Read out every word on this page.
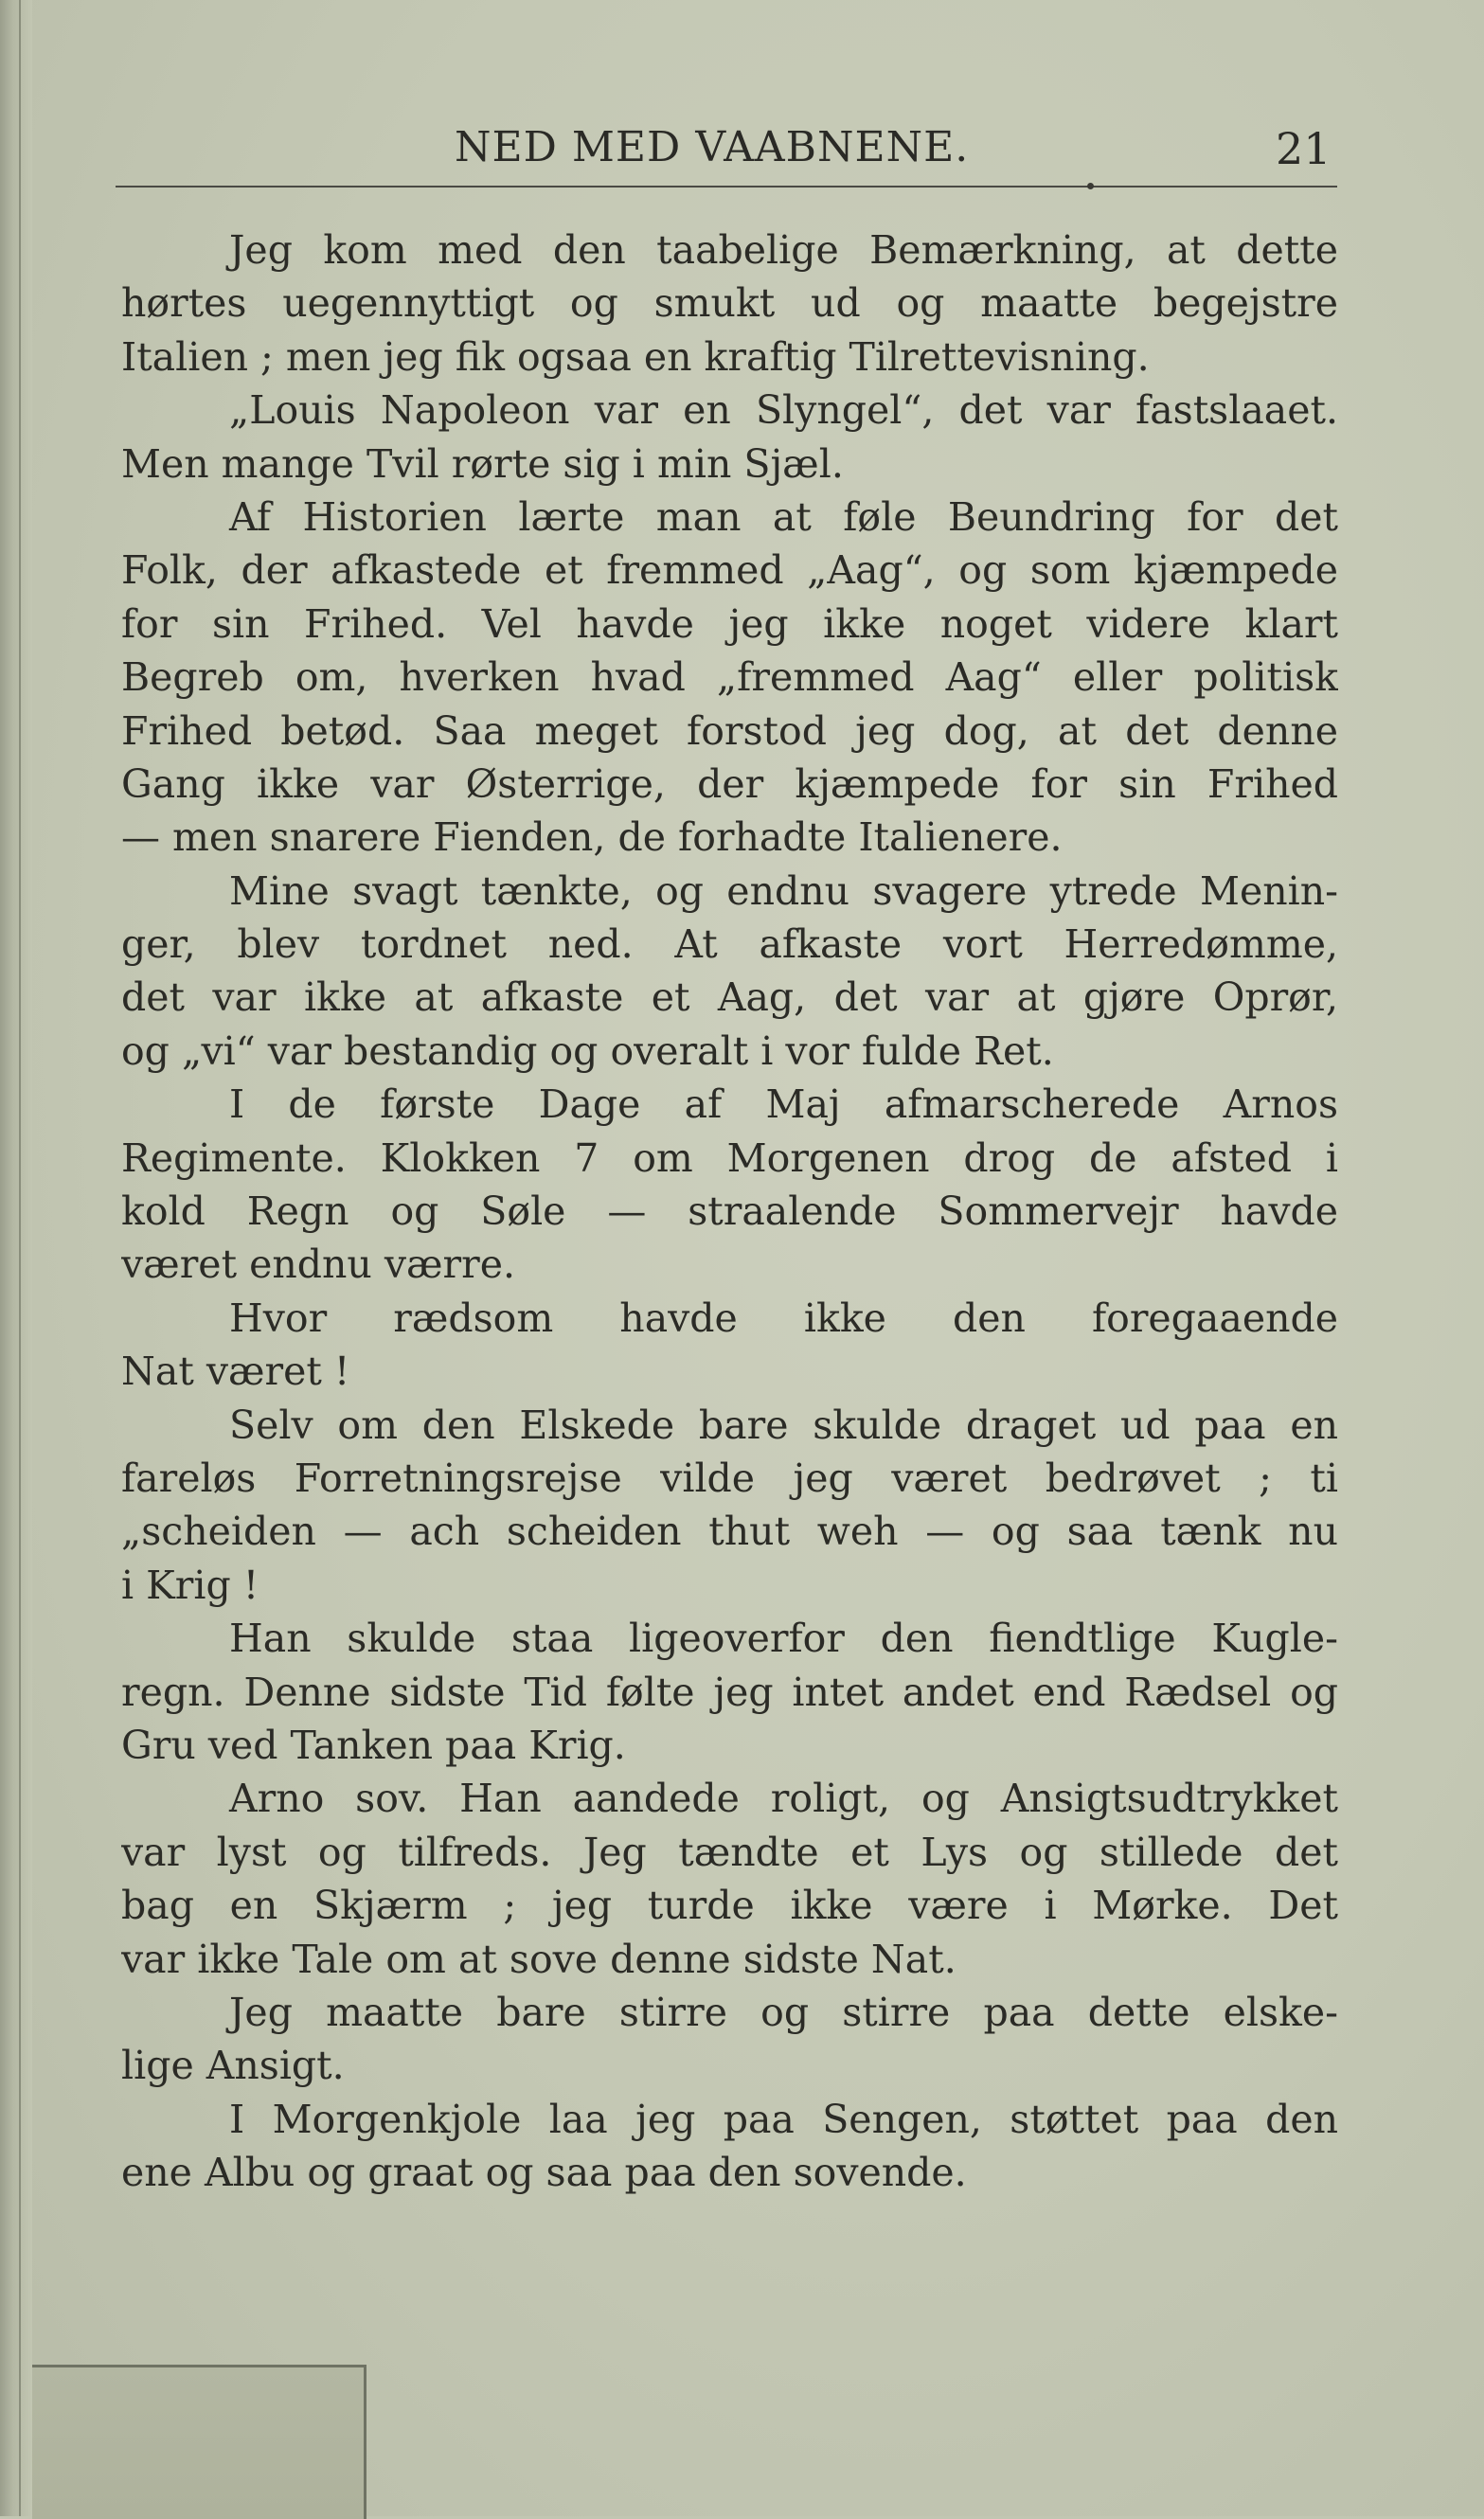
NED MED VAABNENE.	21
Jeg kom med den taabelige Bemærkning, at dette
hørtes uegennyttigt og smukt ud og maatte begejstre
Italien ; men jeg fik ogsaa en kraftig Tilrettevisning.
„Louis Napoleon var en Slyngel“, det var fastslaaet.
Men mange Tvil rørte sig i min Sjæl.
Af Historien lærte man at føle Beundring for det
Folk, der afkastede et fremmed „Aag“, og som kjæmpede
for sin Frihed. Vel havde jeg ikke noget videre klart
Begreb om, hverken hvad „fremmed Aag“ eller politisk
Frihed betød. Saa meget forstod jeg dog, at det denne
Gang ikke var Østerrige, der kjæmpede for sin Frihed
— men snarere Fienden, de forhadte Italienere.
Mine svagt tænkte, og endnu svagere ytrede Menin-
ger, blev tordnet ned. At afkaste vort Herredømme,
det var ikke at afkaste et Aag, det var at gjøre Oprør,
og „vi“ var bestandig og overalt i vor fulde Ret.
I de første Dage af Maj afmarscherede Arnos
Regimente. Klokken 7 om Morgenen drog de afsted i
kold Regn og Søle — straalende Sommervejr havde
været endnu værre.
Hvor rædsom havde ikke den foregaaende
Nat været !
Selv om den Elskede bare skulde draget ud paa en
fareløs Forretningsrejse vilde jeg været bedrøvet ; ti
„scheiden — ach scheiden thut weh — og saa tænk nu
i Krig !
Han skulde staa ligeoverfor den fiendtlige Kugle-
regn. Denne sidste Tid følte jeg intet andet end Rædsel og
Gru ved Tanken paa Krig.
Arno sov. Han aandede roligt, og Ansigtsudtrykket
var lyst og tilfreds. Jeg tændte et Lys og stillede det
bag en Skjærm ; jeg turde ikke være i Mørke. Det
var ikke Tale om at sove denne sidste Nat.
Jeg maatte bare stirre og stirre paa dette elske-
lige Ansigt.
I Morgenkjole laa jeg paa Sengen, støttet paa den
ene Albu og graat og saa paa den sovende.
